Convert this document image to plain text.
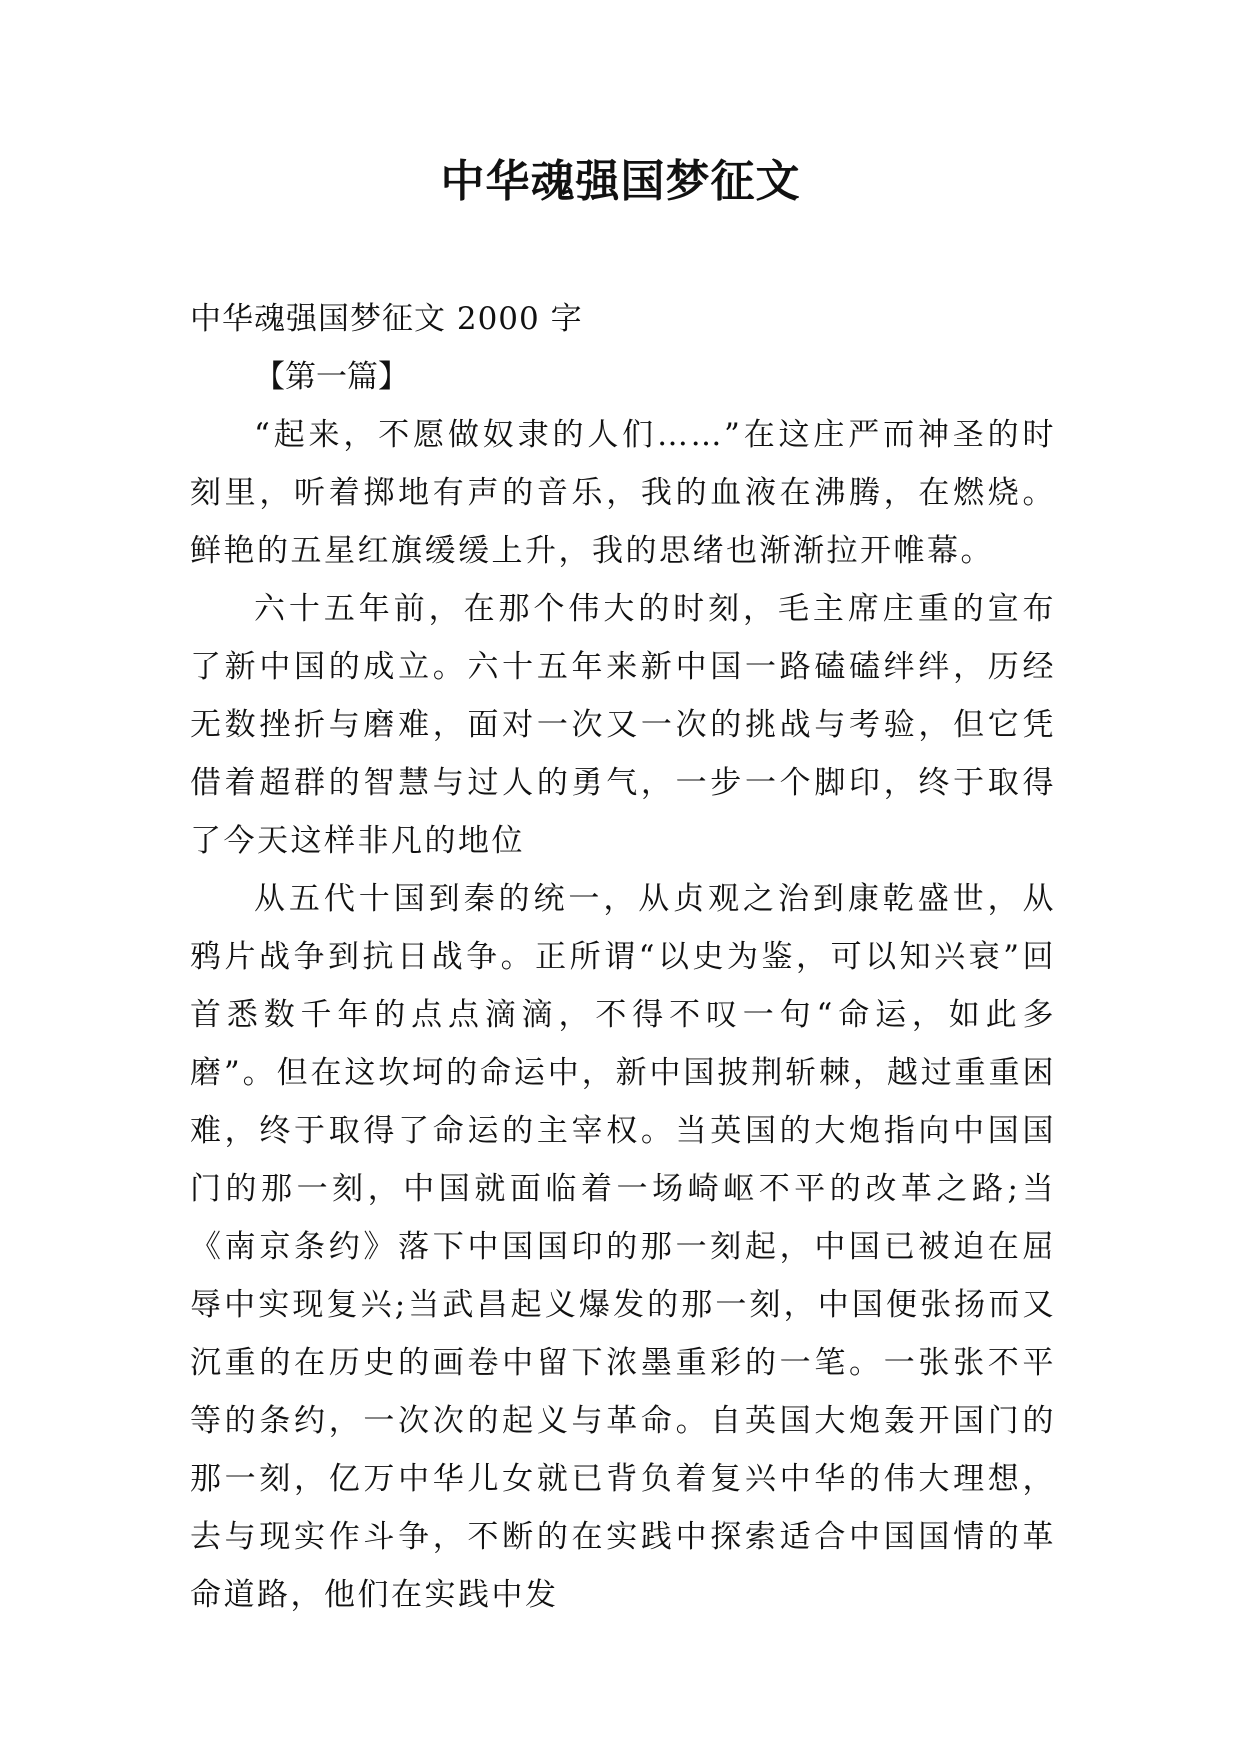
中华魂强国梦征文

中华魂强国梦征文 2000 字

【第一篇】

“起来，不愿做奴隶的人们……”在这庄严而神圣的时刻里，听着掷地有声的音乐，我的血液在沸腾，在燃烧。鲜艳的五星红旗缓缓上升，我的思绪也渐渐拉开帷幕。

六十五年前，在那个伟大的时刻，毛主席庄重的宣布了新中国的成立。六十五年来新中国一路磕磕绊绊，历经无数挫折与磨难，面对一次又一次的挑战与考验，但它凭借着超群的智慧与过人的勇气，一步一个脚印，终于取得了今天这样非凡的地位

从五代十国到秦的统一，从贞观之治到康乾盛世，从鸦片战争到抗日战争。正所谓“以史为鉴，可以知兴衰”回首悉数千年的点点滴滴，不得不叹一句“命运，如此多磨”。但在这坎坷的命运中，新中国披荆斩棘，越过重重困难，终于取得了命运的主宰权。当英国的大炮指向中国国门的那一刻，中国就面临着一场崎岖不平的改革之路;当《南京条约》落下中国国印的那一刻起，中国已被迫在屈辱中实现复兴;当武昌起义爆发的那一刻，中国便张扬而又沉重的在历史的画卷中留下浓墨重彩的一笔。一张张不平等的条约，一次次的起义与革命。自英国大炮轰开国门的那一刻，亿万中华儿女就已背负着复兴中华的伟大理想，去与现实作斗争，不断的在实践中探索适合中国国情的革命道路，他们在实践中发
